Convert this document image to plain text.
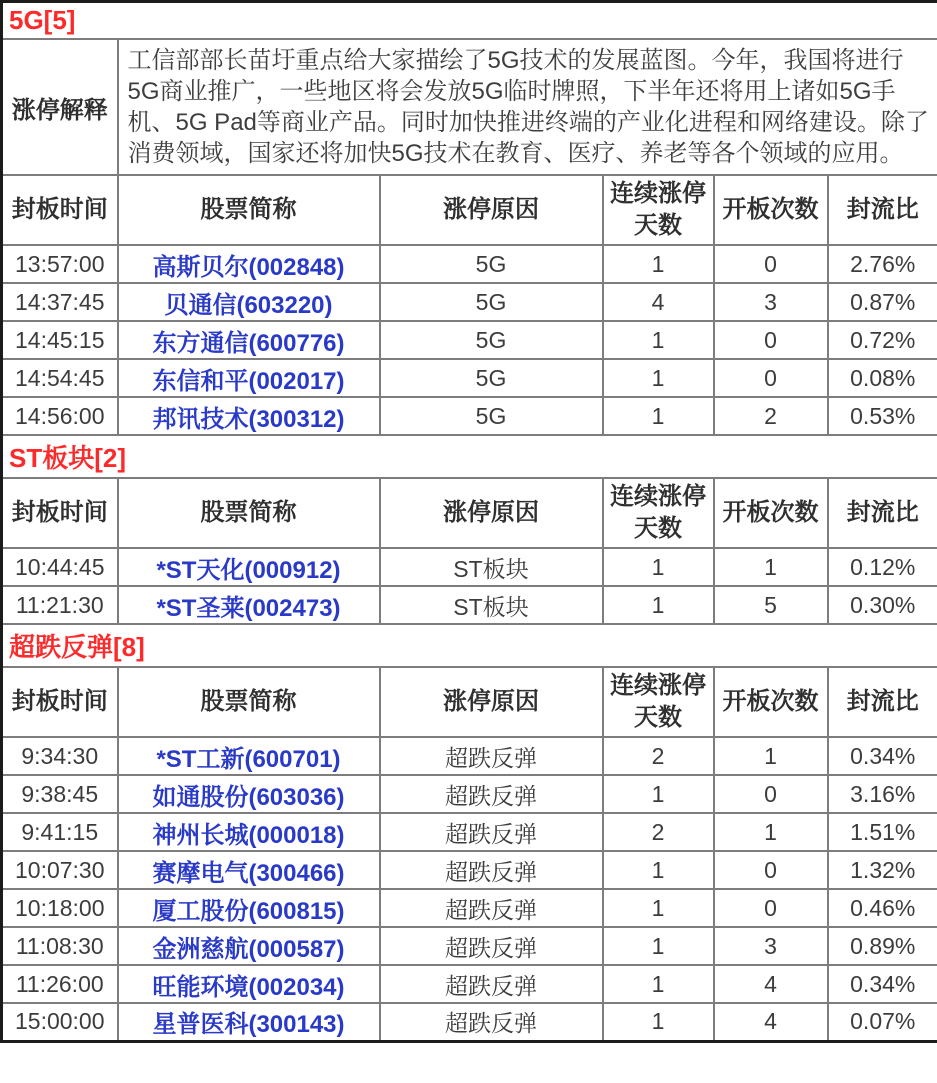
5G[5]					
涨停解释	工信部部长苗圩重点给大家描绘了5G技术的发展蓝图。今年，我国将进行5G商业推广，一些地区将会发放5G临时牌照，下半年还将用上诸如5G手机、5G Pad等商业产品。同时加快推进终端的产业化进程和网络建设。除了消费领域，国家还将加快5G技术在教育、医疗、养老等各个领域的应用。				
封板时间	股票简称	涨停原因	连续涨停天数	开板次数	封流比
13:57:00	高斯贝尔(002848)	5G	1	0	2.76%
14:37:45	贝通信(603220)	5G	4	3	0.87%
14:45:15	东方通信(600776)	5G	1	0	0.72%
14:54:45	东信和平(002017)	5G	1	0	0.08%
14:56:00	邦讯技术(300312)	5G	1	2	0.53%
ST板块[2]					
封板时间	股票简称	涨停原因	连续涨停天数	开板次数	封流比
10:44:45	*ST天化(000912)	ST板块	1	1	0.12%
11:21:30	*ST圣莱(002473)	ST板块	1	5	0.30%
超跌反弹[8]					
封板时间	股票简称	涨停原因	连续涨停天数	开板次数	封流比
9:34:30	*ST工新(600701)	超跌反弹	2	1	0.34%
9:38:45	如通股份(603036)	超跌反弹	1	0	3.16%
9:41:15	神州长城(000018)	超跌反弹	2	1	1.51%
10:07:30	赛摩电气(300466)	超跌反弹	1	0	1.32%
10:18:00	厦工股份(600815)	超跌反弹	1	0	0.46%
11:08:30	金洲慈航(000587)	超跌反弹	1	3	0.89%
11:26:00	旺能环境(002034)	超跌反弹	1	4	0.34%
15:00:00	星普医科(300143)	超跌反弹	1	4	0.07%
